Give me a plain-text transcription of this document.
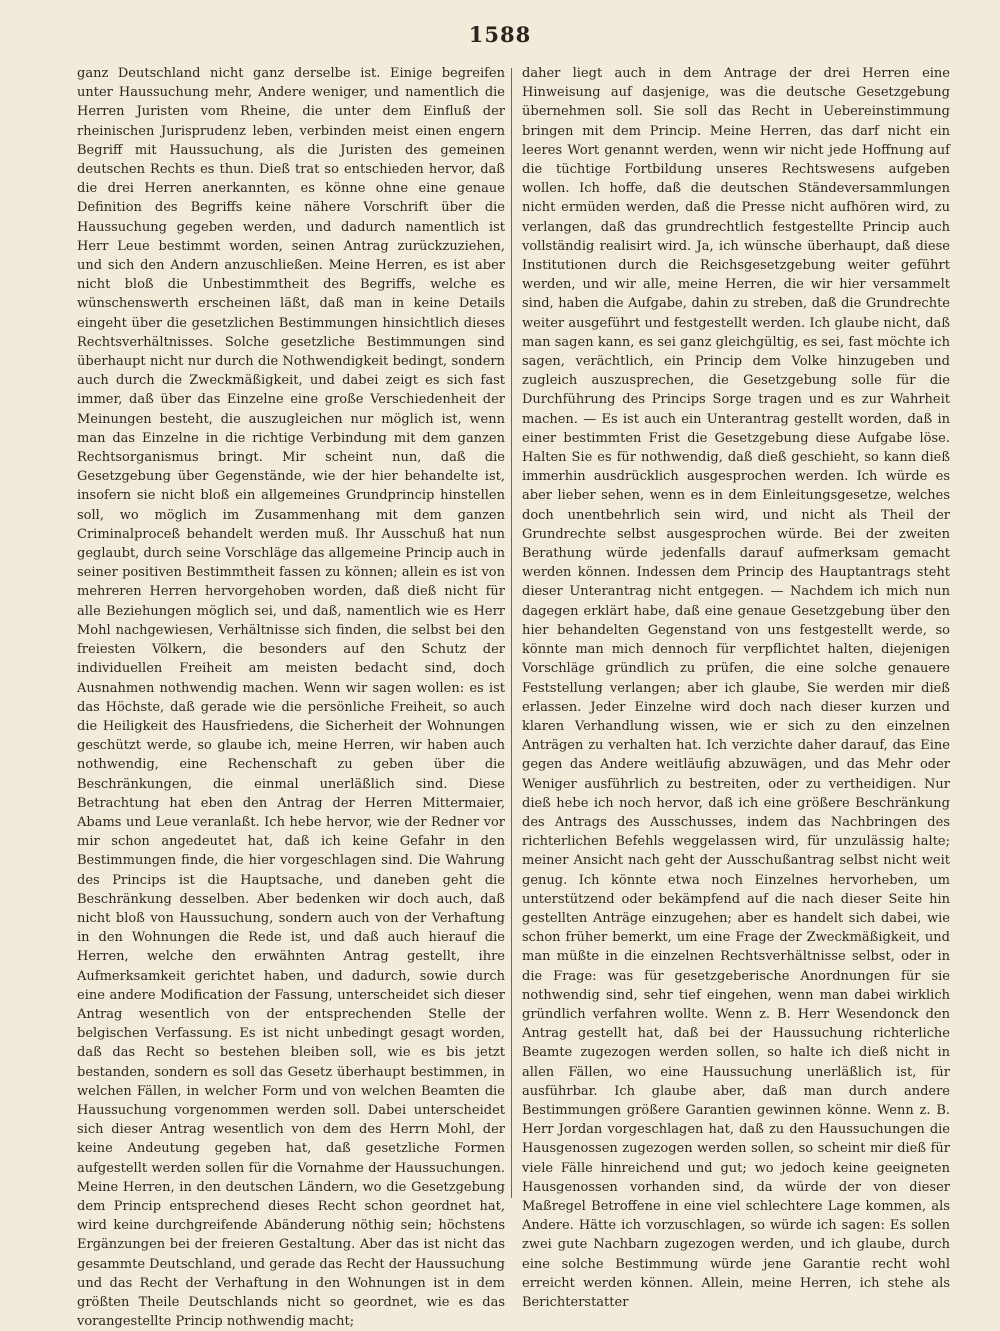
1588

ganz Deutschland nicht ganz derselbe ist. Einige begreifen unter Haussuchung mehr, Andere weniger, und namentlich die Herren Juristen vom Rheine, die unter dem Einfluß der rheinischen Jurisprudenz leben, verbinden meist einen engern Begriff mit Haussuchung, als die Juristen des gemeinen deutschen Rechts es thun. Dieß trat so entschieden hervor, daß die drei Herren anerkannten, es könne ohne eine genaue Definition des Begriffs keine nähere Vorschrift über die Haussuchung gegeben werden, und dadurch namentlich ist Herr Leue bestimmt worden, seinen Antrag zurückzuziehen, und sich den Andern anzuschließen. Meine Herren, es ist aber nicht bloß die Unbestimmtheit des Begriffs, welche es wünschenswerth erscheinen läßt, daß man in keine Details eingeht über die gesetzlichen Bestimmungen hinsichtlich dieses Rechtsverhältnisses. Solche gesetzliche Bestimmungen sind überhaupt nicht nur durch die Nothwendigkeit bedingt, sondern auch durch die Zweckmäßigkeit, und dabei zeigt es sich fast immer, daß über das Einzelne eine große Verschiedenheit der Meinungen besteht, die auszugleichen nur möglich ist, wenn man das Einzelne in die richtige Verbindung mit dem ganzen Rechtsorganismus bringt. Mir scheint nun, daß die Gesetzgebung über Gegenstände, wie der hier behandelte ist, insofern sie nicht bloß ein allgemeines Grundprincip hinstellen soll, wo möglich im Zusammenhang mit dem ganzen Criminalproceß behandelt werden muß. Ihr Ausschuß hat nun geglaubt, durch seine Vorschläge das allgemeine Princip auch in seiner positiven Bestimmtheit fassen zu können; allein es ist von mehreren Herren hervorgehoben worden, daß dieß nicht für alle Beziehungen möglich sei, und daß, namentlich wie es Herr Mohl nachgewiesen, Verhältnisse sich finden, die selbst bei den freiesten Völkern, die besonders auf den Schutz der individuellen Freiheit am meisten bedacht sind, doch Ausnahmen nothwendig machen. Wenn wir sagen wollen: es ist das Höchste, daß gerade wie die persönliche Freiheit, so auch die Heiligkeit des Hausfriedens, die Sicherheit der Wohnungen geschützt werde, so glaube ich, meine Herren, wir haben auch nothwendig, eine Rechenschaft zu geben über die Beschränkungen, die einmal unerläßlich sind. Diese Betrachtung hat eben den Antrag der Herren Mittermaier, Abams und Leue veranlaßt. Ich hebe hervor, wie der Redner vor mir schon angedeutet hat, daß ich keine Gefahr in den Bestimmungen finde, die hier vorgeschlagen sind. Die Wahrung des Princips ist die Hauptsache, und daneben geht die Beschränkung desselben. Aber bedenken wir doch auch, daß nicht bloß von Haussuchung, sondern auch von der Verhaftung in den Wohnungen die Rede ist, und daß auch hierauf die Herren, welche den erwähnten Antrag gestellt, ihre Aufmerksamkeit gerichtet haben, und dadurch, sowie durch eine andere Modification der Fassung, unterscheidet sich dieser Antrag wesentlich von der entsprechenden Stelle der belgischen Verfassung. Es ist nicht unbedingt gesagt worden, daß das Recht so bestehen bleiben soll, wie es bis jetzt bestanden, sondern es soll das Gesetz überhaupt bestimmen, in welchen Fällen, in welcher Form und von welchen Beamten die Haussuchung vorgenommen werden soll. Dabei unterscheidet sich dieser Antrag wesentlich von dem des Herrn Mohl, der keine Andeutung gegeben hat, daß gesetzliche Formen aufgestellt werden sollen für die Vornahme der Haussuchungen. Meine Herren, in den deutschen Ländern, wo die Gesetzgebung dem Princip entsprechend dieses Recht schon geordnet hat, wird keine durchgreifende Abänderung nöthig sein; höchstens Ergänzungen bei der freieren Gestaltung. Aber das ist nicht das gesammte Deutschland, und gerade das Recht der Haussuchung und das Recht der Verhaftung in den Wohnungen ist in dem größten Theile Deutschlands nicht so geordnet, wie es das vorangestellte Princip nothwendig macht;

daher liegt auch in dem Antrage der drei Herren eine Hinweisung auf dasjenige, was die deutsche Gesetzgebung übernehmen soll. Sie soll das Recht in Uebereinstimmung bringen mit dem Princip. Meine Herren, das darf nicht ein leeres Wort genannt werden, wenn wir nicht jede Hoffnung auf die tüchtige Fortbildung unseres Rechtswesens aufgeben wollen. Ich hoffe, daß die deutschen Ständeversammlungen nicht ermüden werden, daß die Presse nicht aufhören wird, zu verlangen, daß das grundrechtlich festgestellte Princip auch vollständig realisirt wird. Ja, ich wünsche überhaupt, daß diese Institutionen durch die Reichsgesetzgebung weiter geführt werden, und wir alle, meine Herren, die wir hier versammelt sind, haben die Aufgabe, dahin zu streben, daß die Grundrechte weiter ausgeführt und festgestellt werden. Ich glaube nicht, daß man sagen kann, es sei ganz gleichgültig, es sei, fast möchte ich sagen, verächtlich, ein Princip dem Volke hinzugeben und zugleich auszusprechen, die Gesetzgebung solle für die Durchführung des Princips Sorge tragen und es zur Wahrheit machen. — Es ist auch ein Unterantrag gestellt worden, daß in einer bestimmten Frist die Gesetzgebung diese Aufgabe löse. Halten Sie es für nothwendig, daß dieß geschieht, so kann dieß immerhin ausdrücklich ausgesprochen werden. Ich würde es aber lieber sehen, wenn es in dem Einleitungsgesetze, welches doch unentbehrlich sein wird, und nicht als Theil der Grundrechte selbst ausgesprochen würde. Bei der zweiten Berathung würde jedenfalls darauf aufmerksam gemacht werden können. Indessen dem Princip des Hauptantrags steht dieser Unterantrag nicht entgegen. — Nachdem ich mich nun dagegen erklärt habe, daß eine genaue Gesetzgebung über den hier behandelten Gegenstand von uns festgestellt werde, so könnte man mich dennoch für verpflichtet halten, diejenigen Vorschläge gründlich zu prüfen, die eine solche genauere Feststellung verlangen; aber ich glaube, Sie werden mir dieß erlassen. Jeder Einzelne wird doch nach dieser kurzen und klaren Verhandlung wissen, wie er sich zu den einzelnen Anträgen zu verhalten hat. Ich verzichte daher darauf, das Eine gegen das Andere weitläufig abzuwägen, und das Mehr oder Weniger ausführlich zu bestreiten, oder zu vertheidigen. Nur dieß hebe ich noch hervor, daß ich eine größere Beschränkung des Antrags des Ausschusses, indem das Nachbringen des richterlichen Befehls weggelassen wird, für unzulässig halte; meiner Ansicht nach geht der Ausschußantrag selbst nicht weit genug. Ich könnte etwa noch Einzelnes hervorheben, um unterstützend oder bekämpfend auf die nach dieser Seite hin gestellten Anträge einzugehen; aber es handelt sich dabei, wie schon früher bemerkt, um eine Frage der Zweckmäßigkeit, und man müßte in die einzelnen Rechtsverhältnisse selbst, oder in die Frage: was für gesetzgeberische Anordnungen für sie nothwendig sind, sehr tief eingehen, wenn man dabei wirklich gründlich verfahren wollte. Wenn z. B. Herr Wesendonck den Antrag gestellt hat, daß bei der Haussuchung richterliche Beamte zugezogen werden sollen, so halte ich dieß nicht in allen Fällen, wo eine Haussuchung unerläßlich ist, für ausführbar. Ich glaube aber, daß man durch andere Bestimmungen größere Garantien gewinnen könne. Wenn z. B. Herr Jordan vorgeschlagen hat, daß zu den Haussuchungen die Hausgenossen zugezogen werden sollen, so scheint mir dieß für viele Fälle hinreichend und gut; wo jedoch keine geeigneten Hausgenossen vorhanden sind, da würde der von dieser Maßregel Betroffene in eine viel schlechtere Lage kommen, als Andere. Hätte ich vorzuschlagen, so würde ich sagen: Es sollen zwei gute Nachbarn zugezogen werden, und ich glaube, durch eine solche Bestimmung würde jene Garantie recht wohl erreicht werden können. Allein, meine Herren, ich stehe als Berichterstatter
